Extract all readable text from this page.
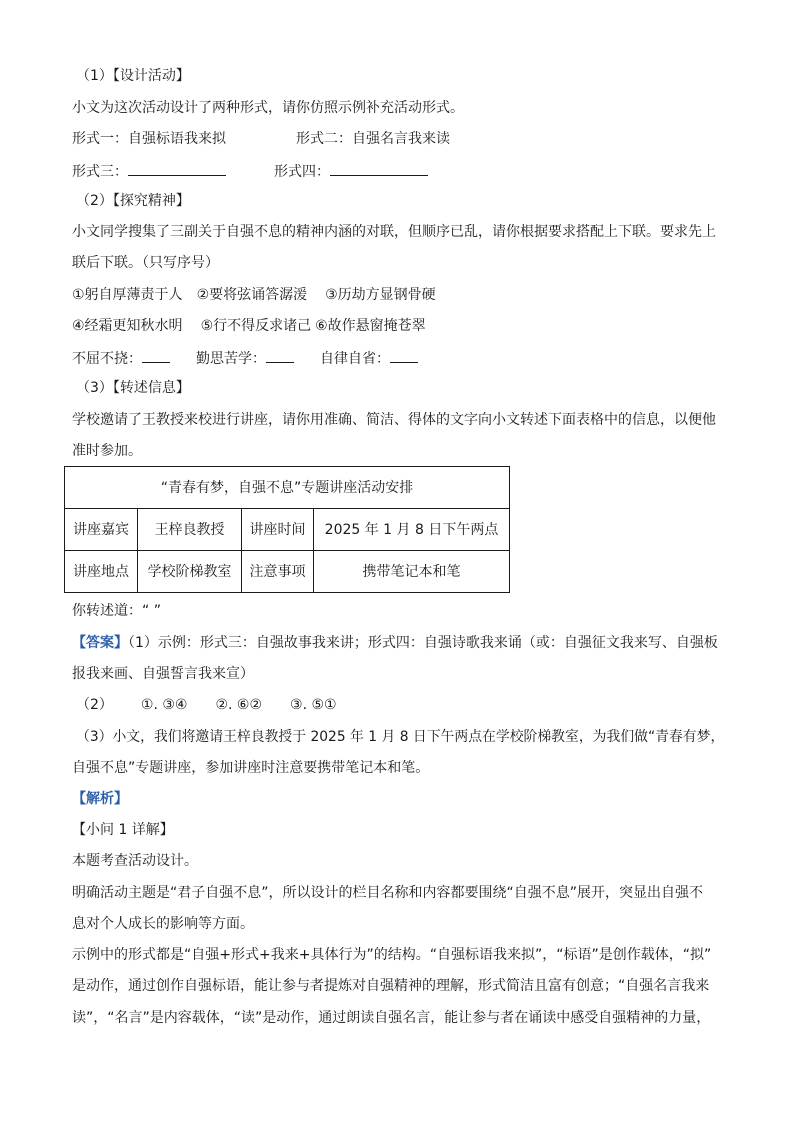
（1）【设计活动】
小文为这次活动设计了两种形式，请你仿照示例补充活动形式。
形式一：自强标语我来拟	形式二：自强名言我来读
形式三：	形式四：
（2）【探究精神】
小文同学搜集了三副关于自强不息的精神内涵的对联，但顺序已乱，请你根据要求搭配上下联。要求先上
联后下联。（只写序号）
①躬自厚薄责于人 ②要将弦诵答潺湲 ③历劫方显钢骨硬
④经霜更知秋水明 ⑤行不得反求诸己 ⑥故作悬窗掩苍翠
不屈不挠：	勤思苦学：	自律自省：
（3）【转述信息】
学校邀请了王教授来校进行讲座，请你用准确、简洁、得体的文字向小文转述下面表格中的信息，以便他
准时参加。
“青春有梦，自强不息”专题讲座活动安排			
讲座嘉宾	王梓良教授	讲座时间	2025 年 1 月 8 日下午两点
讲座地点	学校阶梯教室	注意事项	携带笔记本和笔
你转述道：“ ”
【答案】（1）示例：形式三：自强故事我来讲；形式四：自强诗歌我来诵（或：自强征文我来写、自强板
报我来画、自强誓言我来宣）
（2） ①. ③④ ②. ⑥② ③. ⑤①
（3）小文，我们将邀请王梓良教授于 2025 年 1 月 8 日下午两点在学校阶梯教室，为我们做“青春有梦，
自强不息”专题讲座，参加讲座时注意要携带笔记本和笔。
【解析】
【小问 1 详解】
本题考查活动设计。
明确活动主题是“君子自强不息”，所以设计的栏目名称和内容都要围绕“自强不息”展开，突显出自强不
息对个人成长的影响等方面。
示例中的形式都是“自强+形式+我来+具体行为”的结构。“自强标语我来拟”，“标语”是创作载体，“拟”
是动作，通过创作自强标语，能让参与者提炼对自强精神的理解，形式简洁且富有创意；“自强名言我来
读”，“名言”是内容载体，“读”是动作，通过朗读自强名言，能让参与者在诵读中感受自强精神的力量，
